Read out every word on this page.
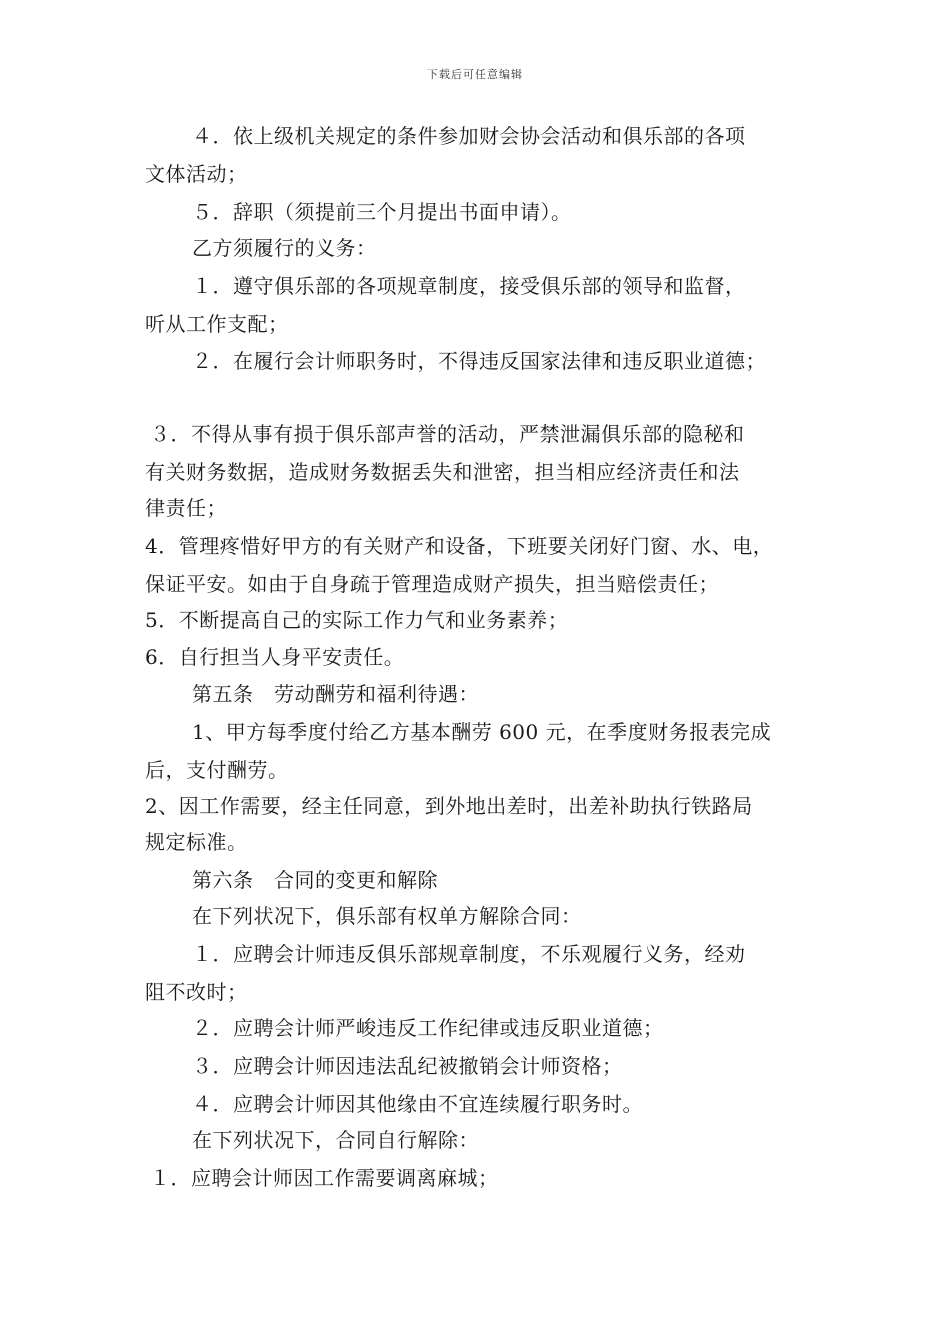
下载后可任意编辑
４．依上级机关规定的条件参加财会协会活动和俱乐部的各项
文体活动；
５．辞职（须提前三个月提出书面申请）。
乙方须履行的义务：
１．遵守俱乐部的各项规章制度，接受俱乐部的领导和监督，
听从工作支配；
２．在履行会计师职务时，不得违反国家法律和违反职业道德；
３．不得从事有损于俱乐部声誉的活动，严禁泄漏俱乐部的隐秘和
有关财务数据，造成财务数据丢失和泄密，担当相应经济责任和法
律责任；
4．管理疼惜好甲方的有关财产和设备，下班要关闭好门窗、水、电，
保证平安。如由于自身疏于管理造成财产损失，担当赔偿责任；
5．不断提高自己的实际工作力气和业务素养；
6．自行担当人身平安责任。
第五条　劳动酬劳和福利待遇：
1、甲方每季度付给乙方基本酬劳 600 元，在季度财务报表完成
后，支付酬劳。
2、因工作需要，经主任同意，到外地出差时，出差补助执行铁路局
规定标准。
第六条　合同的变更和解除
在下列状况下，俱乐部有权单方解除合同：
１．应聘会计师违反俱乐部规章制度，不乐观履行义务，经劝
阻不改时；
２．应聘会计师严峻违反工作纪律或违反职业道德；
３．应聘会计师因违法乱纪被撤销会计师资格；
４．应聘会计师因其他缘由不宜连续履行职务时。
在下列状况下，合同自行解除：
１．应聘会计师因工作需要调离麻城；
